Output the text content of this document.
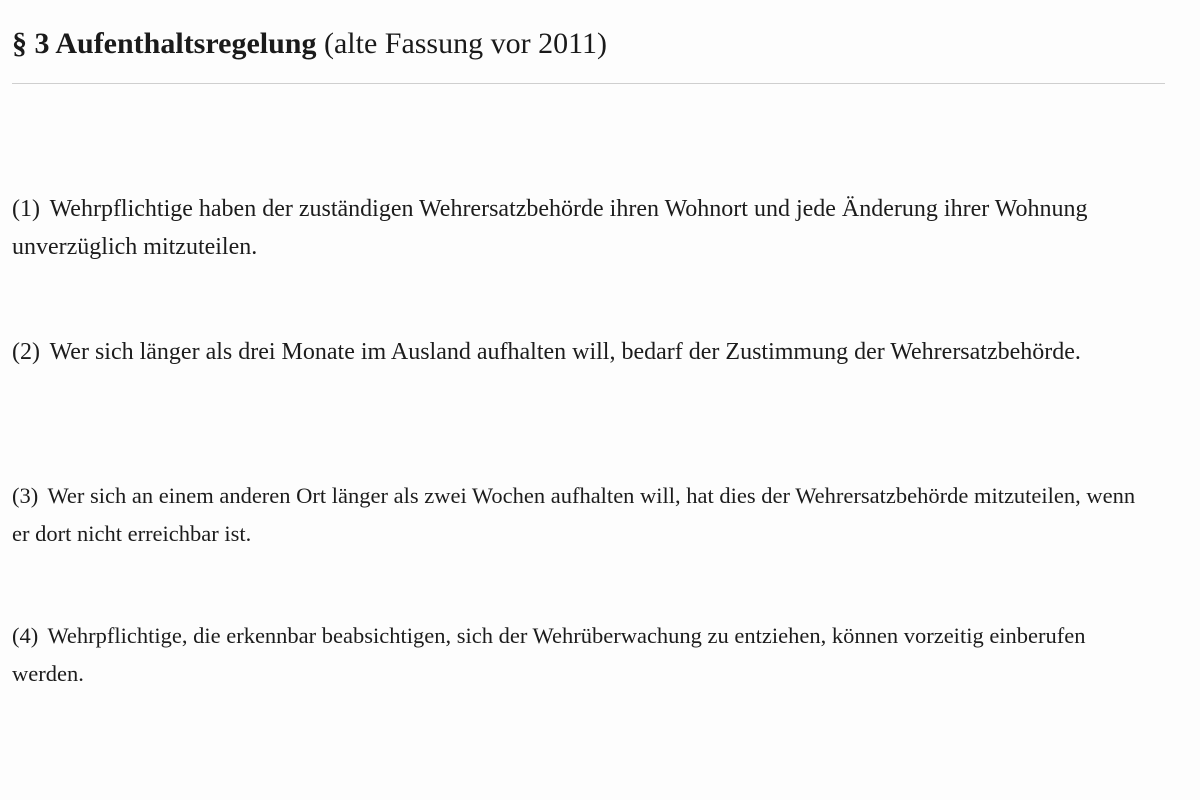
§ 3 Aufenthaltsregelung (alte Fassung vor 2011)

(1) Wehrpflichtige haben der zuständigen Wehrersatzbehörde ihren Wohnort und jede Änderung ihrer Wohnung unverzüglich mitzuteilen.

(2) Wer sich länger als drei Monate im Ausland aufhalten will, bedarf der Zustimmung der Wehrersatzbehörde.

(3) Wer sich an einem anderen Ort länger als zwei Wochen aufhalten will, hat dies der Wehrersatzbehörde mitzuteilen, wenn er dort nicht erreichbar ist.

(4) Wehrpflichtige, die erkennbar beabsichtigen, sich der Wehrüberwachung zu entziehen, können vorzeitig einberufen werden.
